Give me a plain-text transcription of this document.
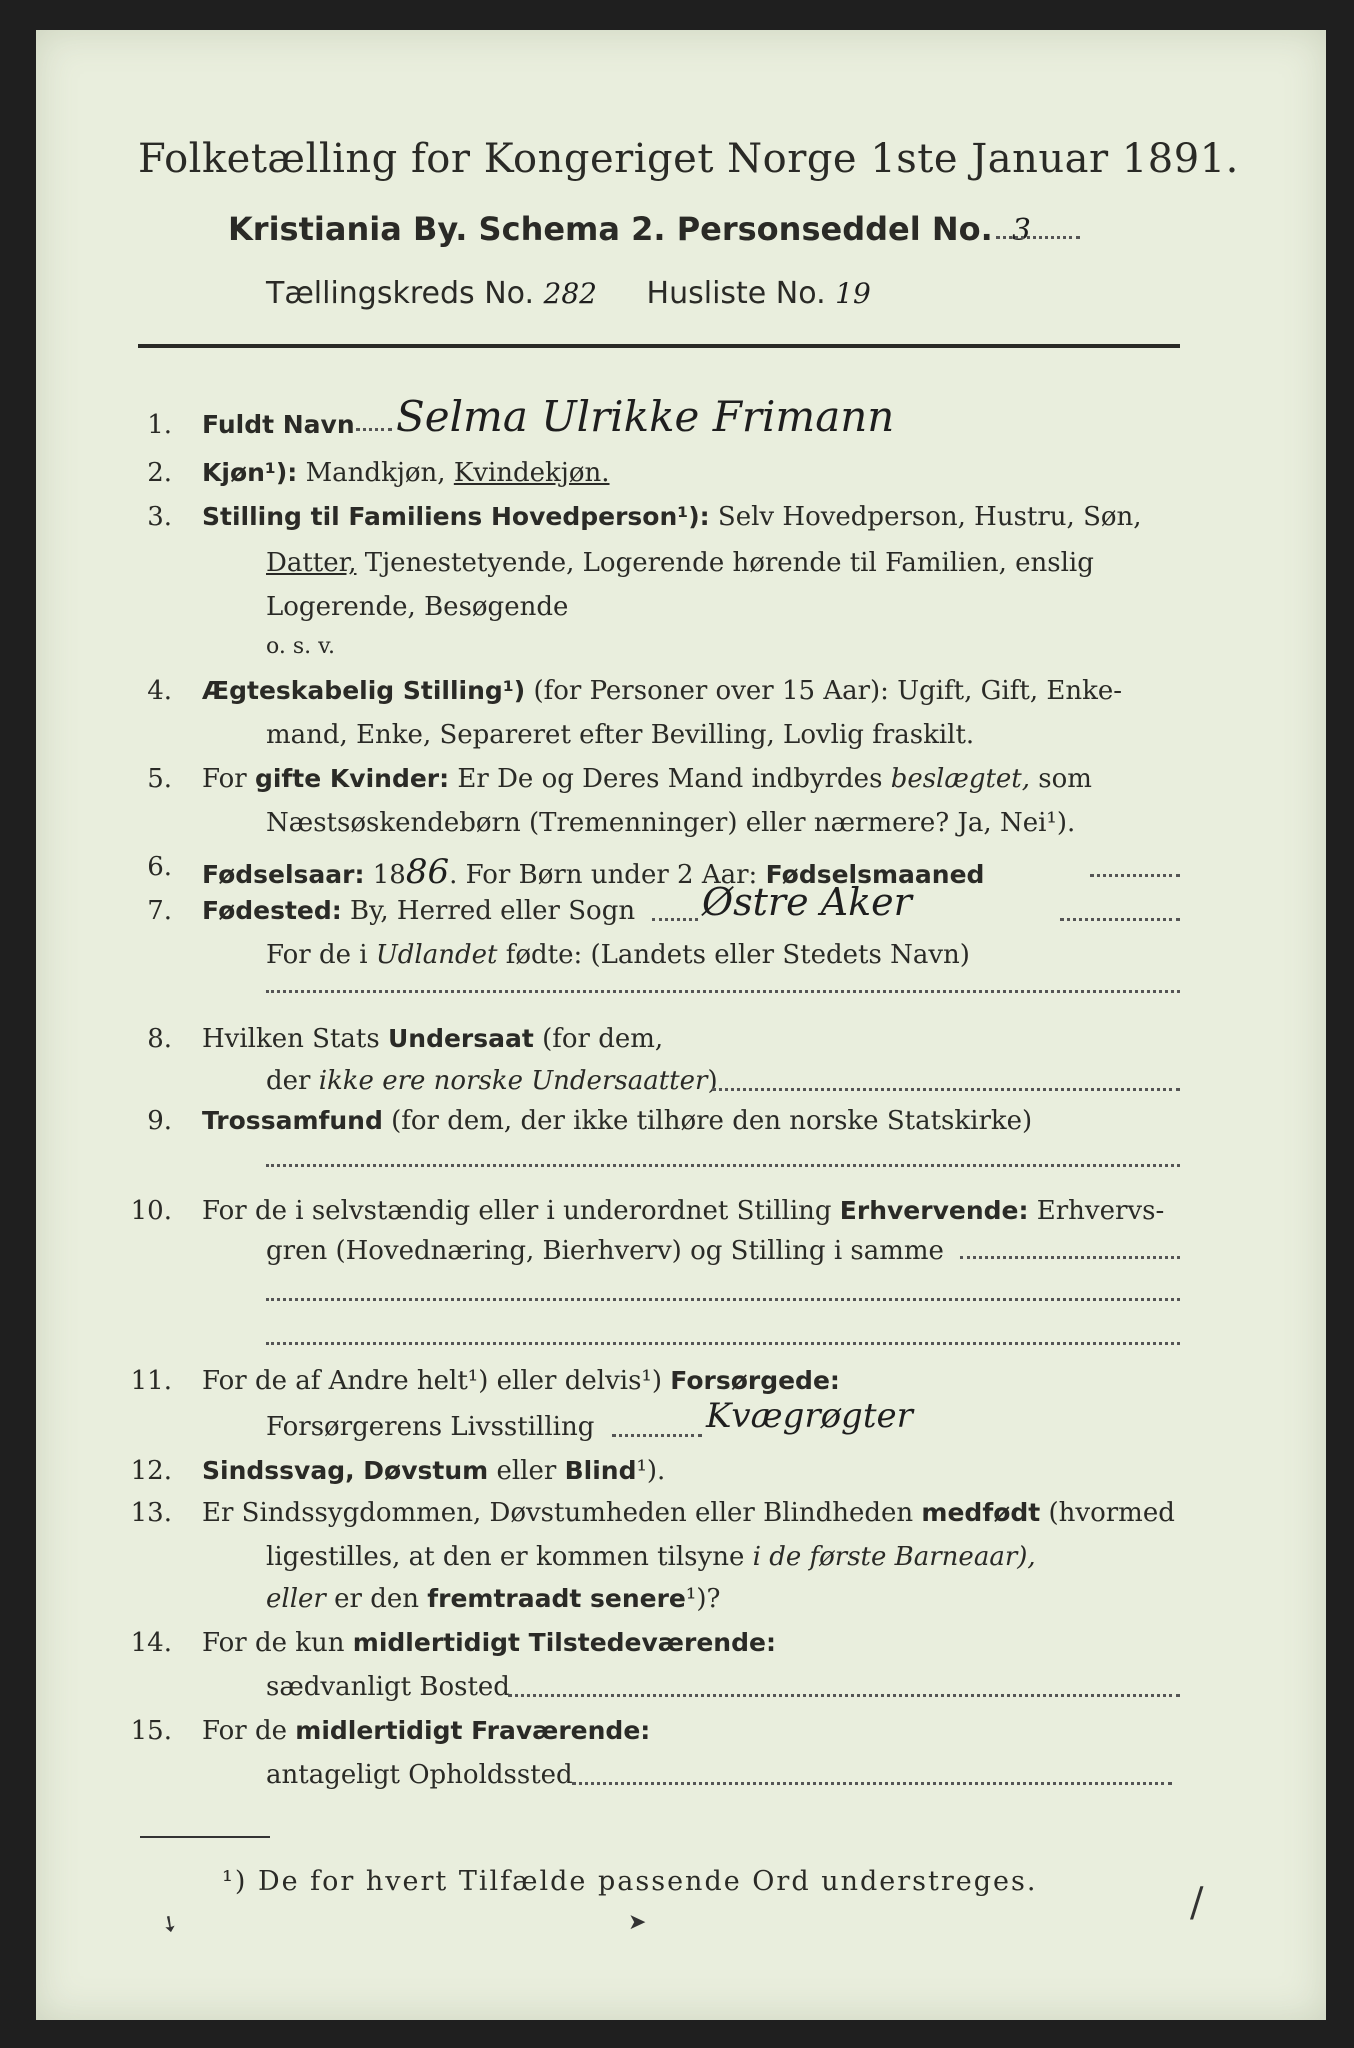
Folketælling for Kongeriget Norge 1ste Januar 1891.
Kristiania By. Schema 2. Personseddel No. 3
Tællingskreds No. 282 Husliste No. 19
1. Fuldt Navn Selma Ulrikke Frimann
2. Kjøn¹): Mandkjøn, Kvindekjøn.
3. Stilling til Familiens Hovedperson¹): Selv Hovedperson, Hustru, Søn,
Datter, Tjenestetyende, Logerende hørende til Familien, enslig
Logerende, Besøgende
o. s. v.
4. Ægteskabelig Stilling¹) (for Personer over 15 Aar): Ugift, Gift, Enke-
mand, Enke, Separeret efter Bevilling, Lovlig fraskilt.
5. For gifte Kvinder: Er De og Deres Mand indbyrdes beslægtet, som
Næstsøskendebørn (Tremenninger) eller nærmere? Ja, Nei¹).
6. Fødselsaar: 1886. For Børn under 2 Aar: Fødselsmaaned
7. Fødested: By, Herred eller Sogn Østre Aker
For de i Udlandet fødte: (Landets eller Stedets Navn)
8. Hvilken Stats Undersaat (for dem,
der ikke ere norske Undersaatter)
9. Trossamfund (for dem, der ikke tilhøre den norske Statskirke)
10. For de i selvstændig eller i underordnet Stilling Erhvervende: Erhvervs-
gren (Hovednæring, Bierhverv) og Stilling i samme
11. For de af Andre helt¹) eller delvis¹) Forsørgede:
Forsørgerens Livsstilling	Kvægrøgter
12. Sindssvag, Døvstum eller Blind¹).
13. Er Sindssygdommen, Døvstumheden eller Blindheden medfødt (hvormed
ligestilles, at den er kommen tilsyne i de første Barneaar),
eller er den fremtraadt senere¹)?
14. For de kun midlertidigt Tilstedeværende:
sædvanligt Bosted
15. For de midlertidigt Fraværende:
antageligt Opholdssted
¹) De for hvert Tilfælde passende Ord understreges.
➘	➤	/
